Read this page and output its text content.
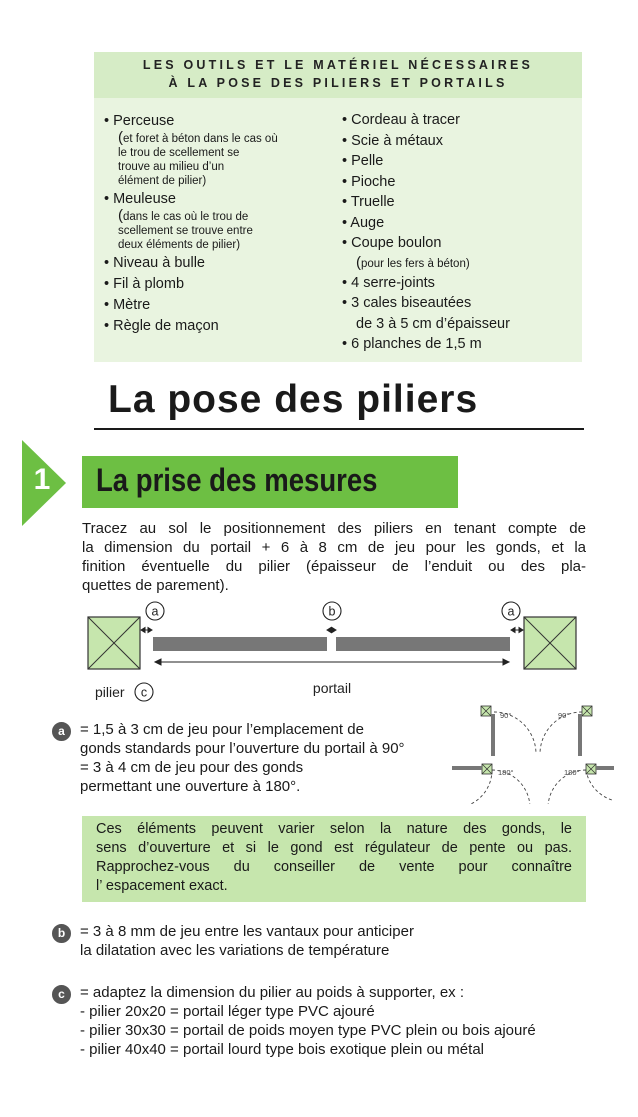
LES OUTILS ET LE MATÉRIEL NÉCESSAIRES
À LA POSE DES PILIERS ET PORTAILS
• Perceuse
(et foret à béton dans le cas où
le trou de scellement se
trouve au milieu d’un
élément de pilier)
• Meuleuse
(dans le cas où le trou de
scellement se trouve entre
deux éléments de pilier)
• Niveau à bulle
• Fil à plomb
• Mètre
• Règle de maçon
• Cordeau à tracer
• Scie à métaux
• Pelle
• Pioche
• Truelle
• Auge
• Coupe boulon
(pour les fers à béton)
• 4 serre-joints
• 3 cales biseautées
de 3 à 5 cm d’épaisseur
• 6 planches de 1,5 m
La pose des piliers
1 La prise des mesures
Tracez au sol le positionnement des piliers en tenant compte de
la dimension du portail + 6 à 8 cm de jeu pour les gonds, et la
finition éventuelle du pilier (épaisseur de l’enduit ou des pla-
quettes de parement).
a	b	a
pilier c	portail
90°	90°
180°	180°
a	= 1,5 à 3 cm de jeu pour l’emplacement de
gonds standards pour l’ouverture du portail à 90°
= 3 à 4 cm de jeu pour des gonds
permettant une ouverture à 180°.
Ces éléments peuvent varier selon la nature des gonds, le
sens d’ouverture et si le gond est régulateur de pente ou pas.
Rapprochez-vous du conseiller de vente pour connaître
l’ espacement exact.
b = 3 à 8 mm de jeu entre les vantaux pour anticiper
la dilatation avec les variations de température
c	= adaptez la dimension du pilier au poids à supporter, ex :
- pilier 20x20 = portail léger type PVC ajouré
- pilier 30x30 = portail de poids moyen type PVC plein ou bois ajouré
- pilier 40x40 = portail lourd type bois exotique plein ou métal
